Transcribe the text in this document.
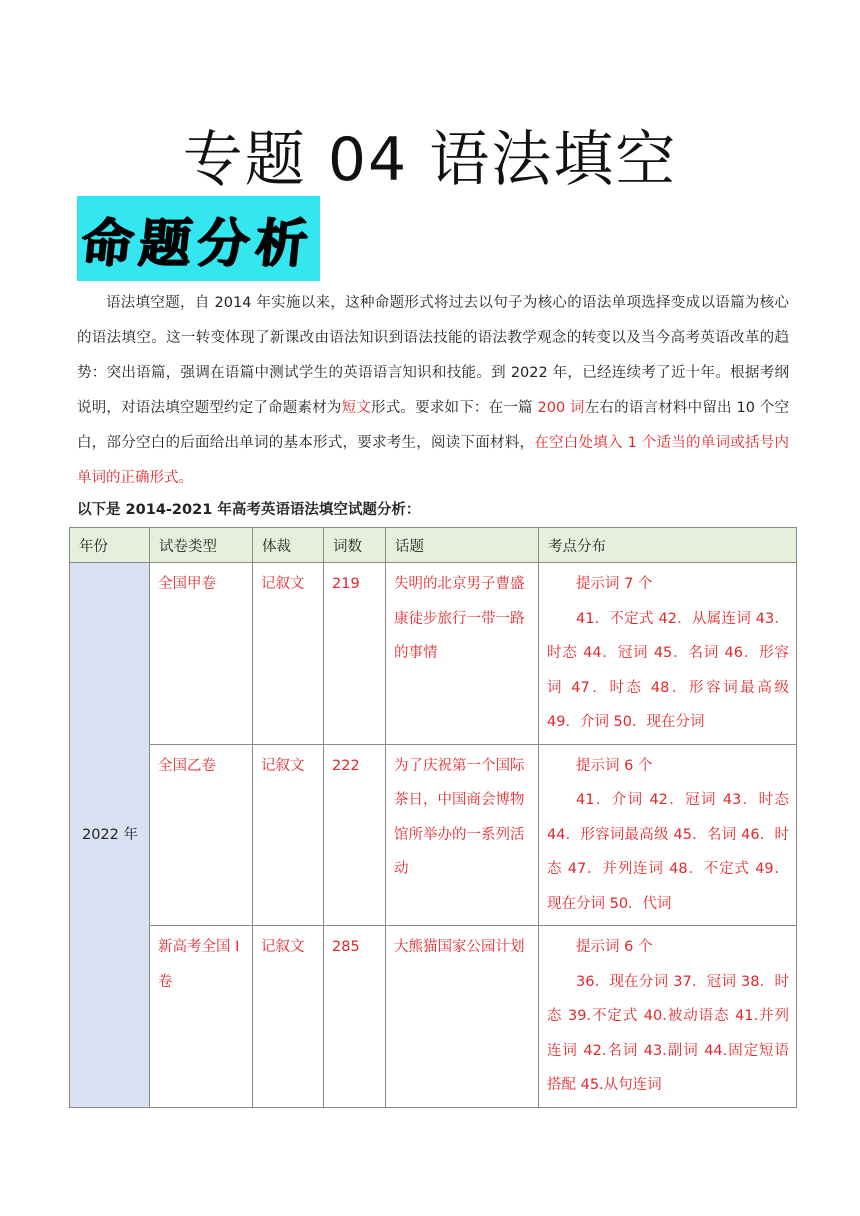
专题 04 语法填空
命题分析
语法填空题，自 2014 年实施以来，这种命题形式将过去以句子为核心的语法单项选择变成以语篇为核心的语法填空。这一转变体现了新课改由语法知识到语法技能的语法教学观念的转变以及当今高考英语改革的趋势：突出语篇，强调在语篇中测试学生的英语语言知识和技能。到 2022 年，已经连续考了近十年。根据考纲说明，对语法填空题型约定了命题素材为短文形式。要求如下：在一篇 200 词左右的语言材料中留出 10 个空白，部分空白的后面给出单词的基本形式，要求考生，阅读下面材料，在空白处填入 1 个适当的单词或括号内单词的正确形式。
以下是 2014-2021 年高考英语语法填空试题分析：
年份	试卷类型	体裁	词数	话题	考点分布
2022 年	全国甲卷	记叙文	219	失明的北京男子曹盛康徒步旅行一带一路的事情	提示词 7 个
41．不定式 42．从属连词 43．时态 44．冠词 45．名词 46．形容词 47．时态 48．形容词最高级 49．介词 50．现在分词

	全国乙卷	记叙文	222	为了庆祝第一个国际茶日，中国商会博物馆所举办的一系列活动	提示词 6 个
41．介词 42．冠词 43．时态 44．形容词最高级 45．名词 46．时态 47．并列连词 48．不定式 49．现在分词 50．代词

	新高考全国 I 卷	记叙文	285	大熊猫国家公园计划	提示词 6 个
36．现在分词 37．冠词 38．时态 39.不定式 40.被动语态 41.并列连词 42.名词 43.副词 44.固定短语搭配 45.从句连词
